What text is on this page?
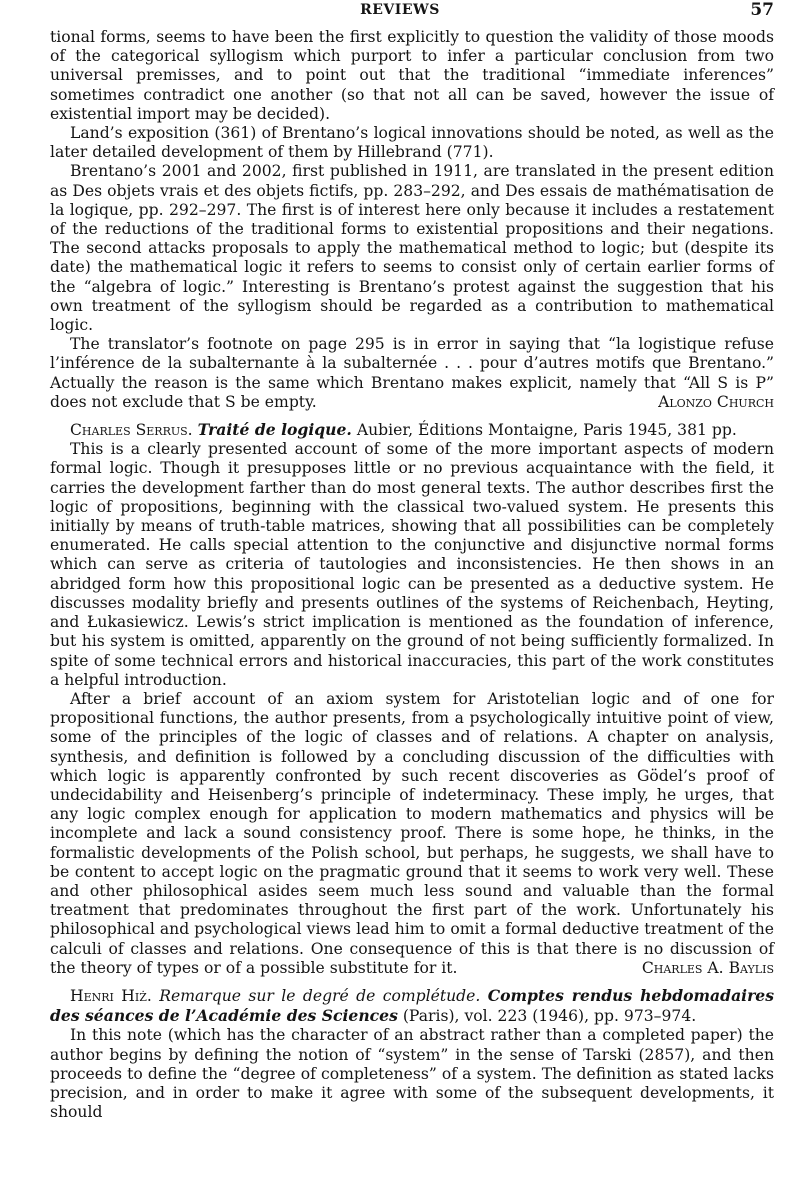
REVIEWS	57

tional forms, seems to have been the first explicitly to question the validity of those moods of the categorical syllogism which purport to infer a particular conclusion from two universal premisses, and to point out that the traditional “immediate inferences” sometimes contradict one another (so that not all can be saved, however the issue of existential import may be decided).

Land’s exposition (361) of Brentano’s logical innovations should be noted, as well as the later detailed development of them by Hillebrand (771).

Brentano’s 2001 and 2002, first published in 1911, are translated in the present edition as Des objets vrais et des objets fictifs, pp. 283–292, and Des essais de mathématisation de la logique, pp. 292–297. The first is of interest here only because it includes a restatement of the reductions of the traditional forms to existential propositions and their negations. The second attacks proposals to apply the mathematical method to logic; but (despite its date) the mathematical logic it refers to seems to consist only of certain earlier forms of the “algebra of logic.” Interesting is Brentano’s protest against the suggestion that his own treatment of the syllogism should be regarded as a contribution to mathematical logic.

The translator’s footnote on page 295 is in error in saying that “la logistique refuse l’inférence de la subalternante à la subalternée . . . pour d’autres motifs que Brentano.” Actually the reason is the same which Brentano makes explicit, namely that “All S is P” does not exclude that S be empty.	Alonzo Church

Charles Serrus. Traité de logique. Aubier, Éditions Montaigne, Paris 1945, 381 pp.

This is a clearly presented account of some of the more important aspects of modern formal logic. Though it presupposes little or no previous acquaintance with the field, it carries the development farther than do most general texts. The author describes first the logic of propositions, beginning with the classical two-valued system. He presents this initially by means of truth-table matrices, showing that all possibilities can be completely enumerated. He calls special attention to the conjunctive and disjunctive normal forms which can serve as criteria of tautologies and inconsistencies. He then shows in an abridged form how this propositional logic can be presented as a deductive system. He discusses modality briefly and presents outlines of the systems of Reichenbach, Heyting, and Łukasiewicz. Lewis’s strict implication is mentioned as the foundation of inference, but his system is omitted, apparently on the ground of not being sufficiently formalized. In spite of some technical errors and historical inaccuracies, this part of the work constitutes a helpful introduction.

After a brief account of an axiom system for Aristotelian logic and of one for propositional functions, the author presents, from a psychologically intuitive point of view, some of the principles of the logic of classes and of relations. A chapter on analysis, synthesis, and definition is followed by a concluding discussion of the difficulties with which logic is apparently confronted by such recent discoveries as Gödel’s proof of undecidability and Heisenberg’s principle of indeterminacy. These imply, he urges, that any logic complex enough for application to modern mathematics and physics will be incomplete and lack a sound consistency proof. There is some hope, he thinks, in the formalistic developments of the Polish school, but perhaps, he suggests, we shall have to be content to accept logic on the pragmatic ground that it seems to work very well. These and other philosophical asides seem much less sound and valuable than the formal treatment that predominates throughout the first part of the work. Unfortunately his philosophical and psychological views lead him to omit a formal deductive treatment of the calculi of classes and relations. One consequence of this is that there is no discussion of the theory of types or of a possible substitute for it.	Charles A. Baylis

Henri Hiż. Remarque sur le degré de complétude. Comptes rendus hebdomadaires des séances de l’Académie des Sciences (Paris), vol. 223 (1946), pp. 973–974.

In this note (which has the character of an abstract rather than a completed paper) the author begins by defining the notion of “system” in the sense of Tarski (2857), and then proceeds to define the “degree of completeness” of a system. The definition as stated lacks precision, and in order to make it agree with some of the subsequent developments, it should
